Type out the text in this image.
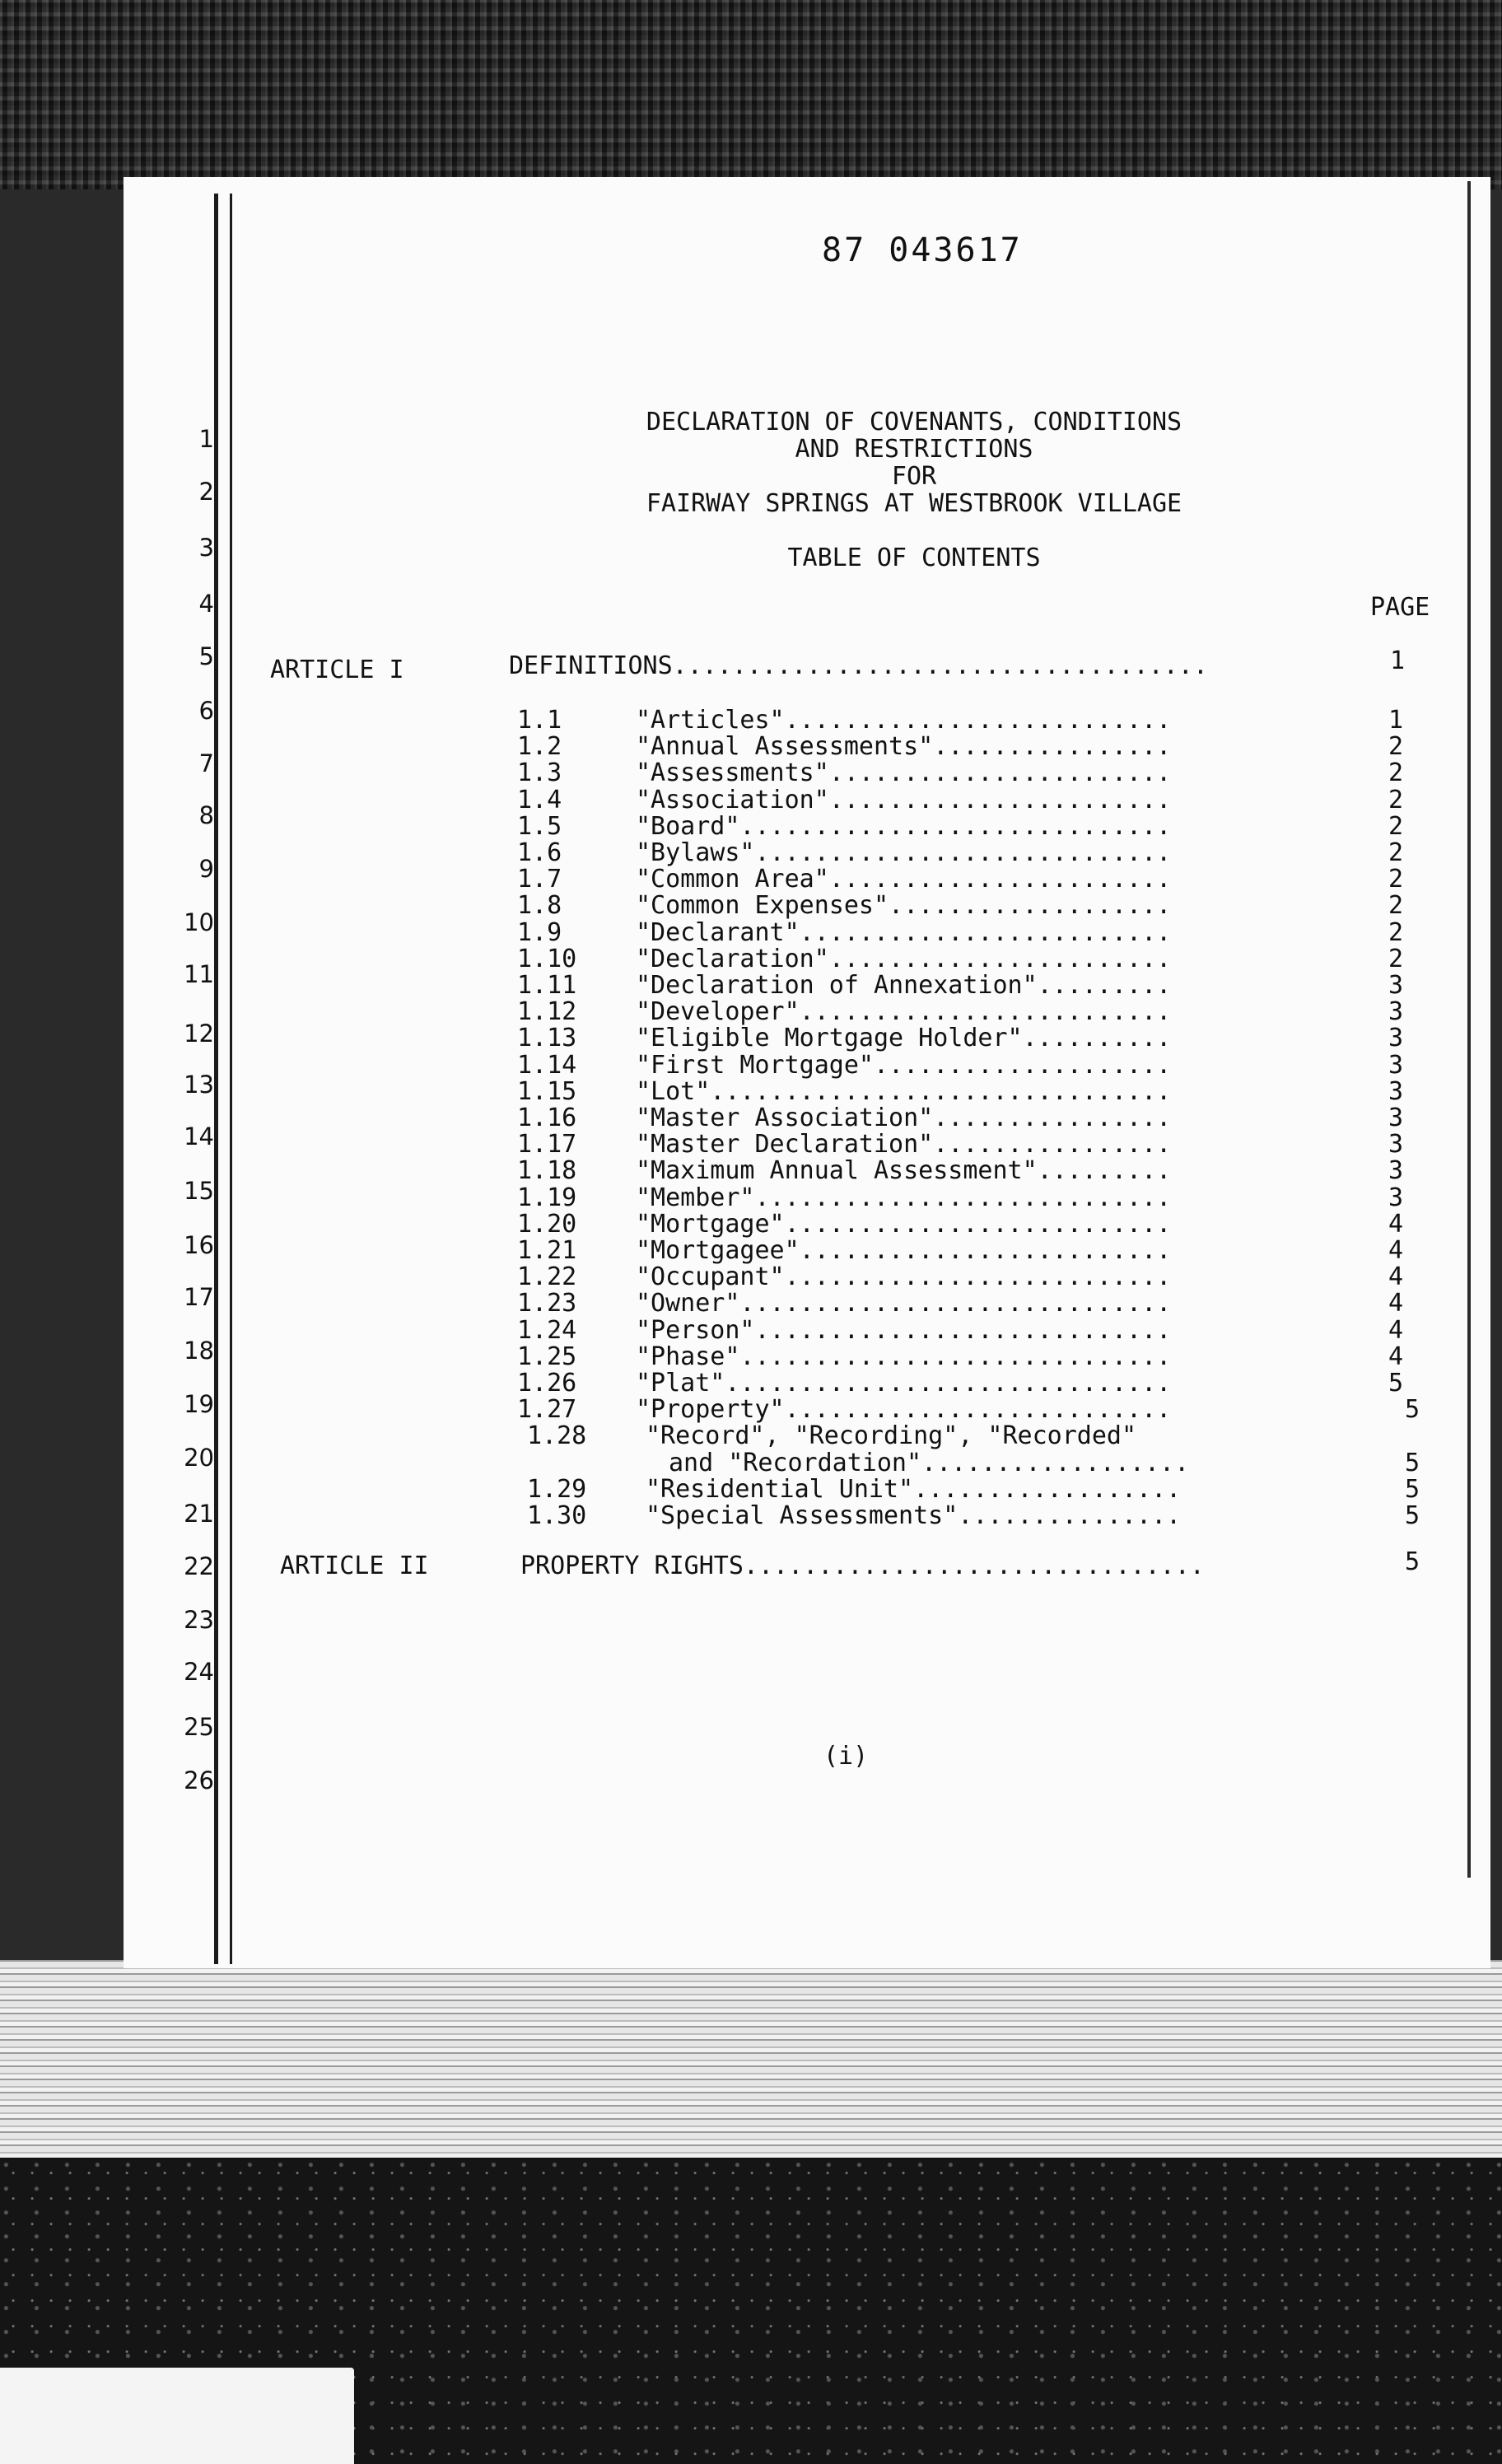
87 043617
DECLARATION OF COVENANTS, CONDITIONS
AND RESTRICTIONS
FOR
FAIRWAY SPRINGS AT WESTBROOK VILLAGE
TABLE OF CONTENTS
PAGE
1
2
3
4
5
6
7
8
9
10
11
12
13
14
15
16
17
18
19
20
21
22
23
24
25
26
ARTICLE I	DEFINITIONS....................................	1
1.1	"Articles"..........................	1
1.2	"Annual Assessments"................	2
1.3	"Assessments".......................	2
1.4	"Association".......................	2
1.5	"Board".............................	2
1.6	"Bylaws"............................	2
1.7	"Common Area".......................	2
1.8	"Common Expenses"...................	2
1.9	"Declarant".........................	2
1.10 "Declaration".......................	2
1.11 "Declaration of Annexation".........	3
1.12 "Developer".........................	3
1.13 "Eligible Mortgage Holder"..........	3
1.14 "First Mortgage"....................	3
1.15 "Lot"...............................	3
1.16 "Master Association"................	3
1.17 "Master Declaration"................	3
1.18 "Maximum Annual Assessment".........	3
1.19 "Member"............................	3
1.20 "Mortgage"..........................	4
1.21 "Mortgagee".........................	4
1.22 "Occupant"..........................	4
1.23 "Owner".............................	4
1.24 "Person"............................	4
1.25 "Phase".............................	4
1.26 "Plat"..............................	5
1.27 "Property"..........................	5
1.28 "Record", "Recording", "Recorded"
and "Recordation"..................	5
1.29 "Residential Unit"..................	5
1.30 "Special Assessments"...............	5
ARTICLE II	PROPERTY RIGHTS...............................	5
(i)
